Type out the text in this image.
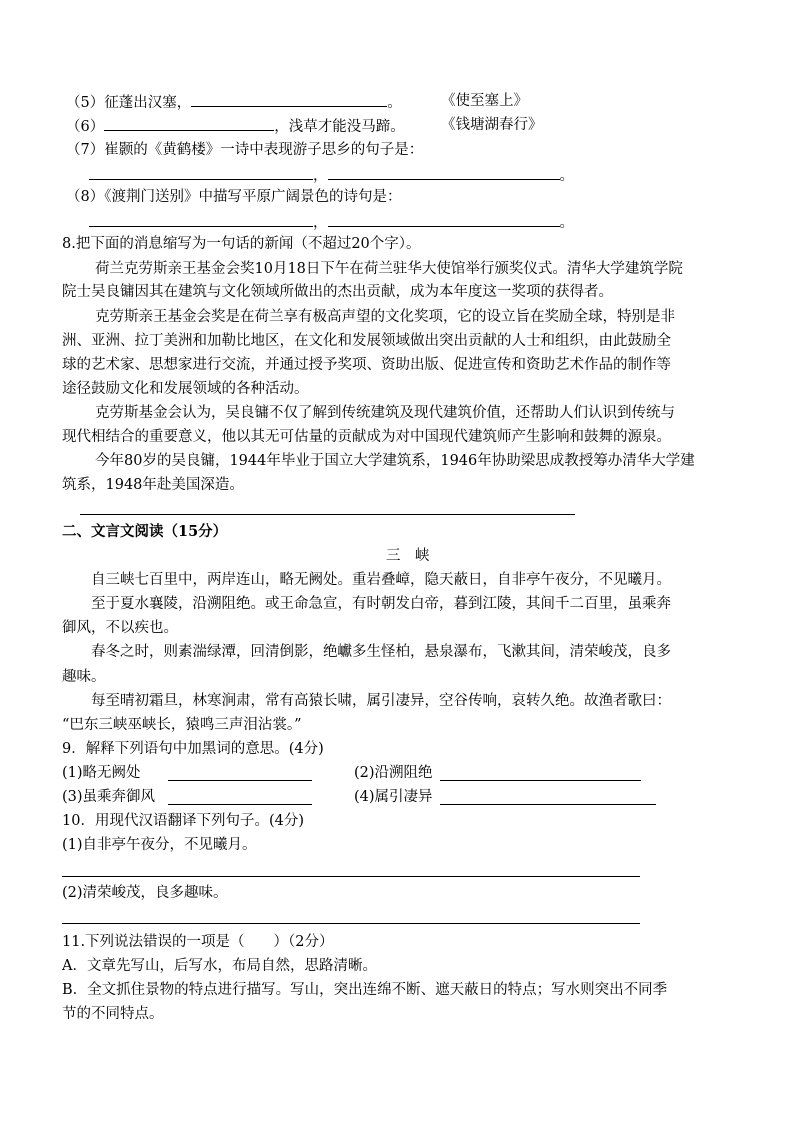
（5）征蓬出汉塞，	。	《使至塞上》
（6）	，浅草才能没马蹄。	《钱塘湖春行》
（7）崔颢的《黄鹤楼》一诗中表现游子思乡的句子是：
，	。
（8）《渡荆门送别》中描写平原广阔景色的诗句是：
，	。
8.把下面的消息缩写为一句话的新闻（不超过20个字）。
荷兰克劳斯亲王基金会奖10月18日下午在荷兰驻华大使馆举行颁奖仪式。清华大学建筑学院
院士吴良镛因其在建筑与文化领域所做出的杰出贡献，成为本年度这一奖项的获得者。
克劳斯亲王基金会奖是在荷兰享有极高声望的文化奖项，它的设立旨在奖励全球，特别是非
洲、亚洲、拉丁美洲和加勒比地区，在文化和发展领域做出突出贡献的人士和组织，由此鼓励全
球的艺术家、思想家进行交流，并通过授予奖项、资助出版、促进宣传和资助艺术作品的制作等
途径鼓励文化和发展领域的各种活动。
克劳斯基金会认为，吴良镛不仅了解到传统建筑及现代建筑价值，还帮助人们认识到传统与
现代相结合的重要意义，他以其无可估量的贡献成为对中国现代建筑师产生影响和鼓舞的源泉。
今年80岁的吴良镛，1944年毕业于国立大学建筑系，1946年协助梁思成教授筹办清华大学建
筑系，1948年赴美国深造。
二、文言文阅读（15分）
三　峡
自三峡七百里中，两岸连山，略无阙处。重岩叠嶂，隐天蔽日，自非亭午夜分，不见曦月。
至于夏水襄陵，沿溯阻绝。或王命急宣，有时朝发白帝，暮到江陵，其间千二百里，虽乘奔
御风，不以疾也。
春冬之时，则素湍绿潭，回清倒影，绝巘多生怪柏，悬泉瀑布，飞漱其间，清荣峻茂，良多
趣味。
每至晴初霜旦，林寒涧肃，常有高猿长啸，属引凄异，空谷传响，哀转久绝。故渔者歌曰：
“巴东三峡巫峡长，猿鸣三声泪沾裳。”
9．解释下列语句中加黑词的意思。(4分)
(1)略无阙处	(2)沿溯阻绝
(3)虽乘奔御风	(4)属引凄异
10．用现代汉语翻译下列句子。(4分)
(1)自非亭午夜分，不见曦月。
(2)清荣峻茂，良多趣味。
11.下列说法错误的一项是（　　）（2分）
A．文章先写山，后写水，布局自然，思路清晰。
B．全文抓住景物的特点进行描写。写山，突出连绵不断、遮天蔽日的特点；写水则突出不同季
节的不同特点。
